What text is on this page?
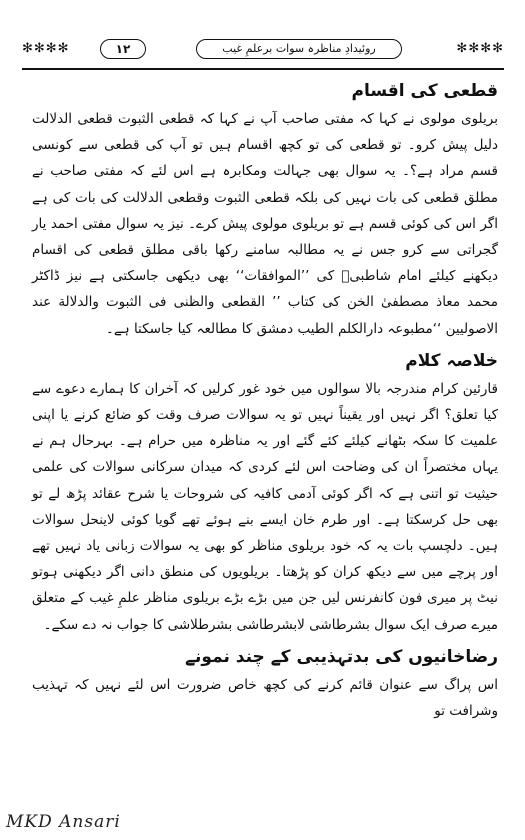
✻✻✻✻	۱۲	روئیدادِ مناظرہ سوات برعلمِ غیب	✻✻✻✻
قطعی کی اقسام

بریلوی مولوی نے کہا کہ مفتی صاحب آپ نے کہا کہ قطعی الثبوت قطعی الدلالت دلیل پیش کرو۔ تو قطعی کی تو کچھ اقسام ہیں تو آپ کی قطعی سے کونسی قسم مراد ہے؟۔ یہ سوال بھی جہالت ومکابرہ ہے اس لئے کہ مفتی صاحب نے مطلق قطعی کی بات نہیں کی بلکہ قطعی الثبوت وقطعی الدلالت کی بات کی ہے اگر اس کی کوئی قسم ہے تو بریلوی مولوی پیش کرے۔ نیز یہ سوال مفتی احمد یار گجراتی سے کرو جس نے یہ مطالبہ سامنے رکھا باقی مطلق قطعی کی اقسام دیکھنے کیلئے امام شاطبیؒ کی ’’الموافقات‘‘ بھی دیکھی جاسکتی ہے نیز ڈاکٹر محمد معاذ مصطفیٰ الخن کی کتاب ’’ القطعی والظنی فی الثبوت والدلالة عند الاصولیین ‘‘مطبوعہ دارالکلم الطیب دمشق کا مطالعہ کیا جاسکتا ہے۔

خلاصہ کلام

قارئین کرام مندرجہ بالا سوالوں میں خود غور کرلیں کہ آخران کا ہمارے دعوے سے کیا تعلق؟ اگر نہیں اور یقیناً نہیں تو یہ سوالات صرف وقت کو ضائع کرنے یا اپنی علمیت کا سکہ بٹھانے کیلئے کئے گئے اور یہ مناظرہ میں حرام ہے۔ بہرحال ہم نے یہاں مختصراً ان کی وضاحت اس لئے کردی کہ میدان سرکانی سوالات کی علمی حیثیت تو اتنی ہے کہ اگر کوئی آدمی کافیہ کی شروحات یا شرح عقائد پڑھ لے تو بھی حل کرسکتا ہے۔ اور طرم خان ایسے بنے ہوئے تھے گویا کوئی لاینحل سوالات ہیں۔ دلچسپ بات یہ کہ خود بریلوی مناظر کو بھی یہ سوالات زبانی یاد نہیں تھے اور پرچے میں سے دیکھ کران کو پڑھتا۔ بریلویوں کی منطق دانی اگر دیکھنی ہوتو نیٹ پر میری فون کانفرنس لیں جن میں بڑے بڑے بریلوی مناظر علمِ غیب کے متعلق میرے صرف ایک سوال بشرطاشی لابشرطاشی بشرطلاشی کا جواب نہ دے سکے۔

رضاخانیوں کی بدتہذیبی کے چند نمونے

اس پراگ سے عنوان قائم کرنے کی کچھ خاص ضرورت اس لئے نہیں کہ تہذیب وشرافت تو

MKD Ansari
